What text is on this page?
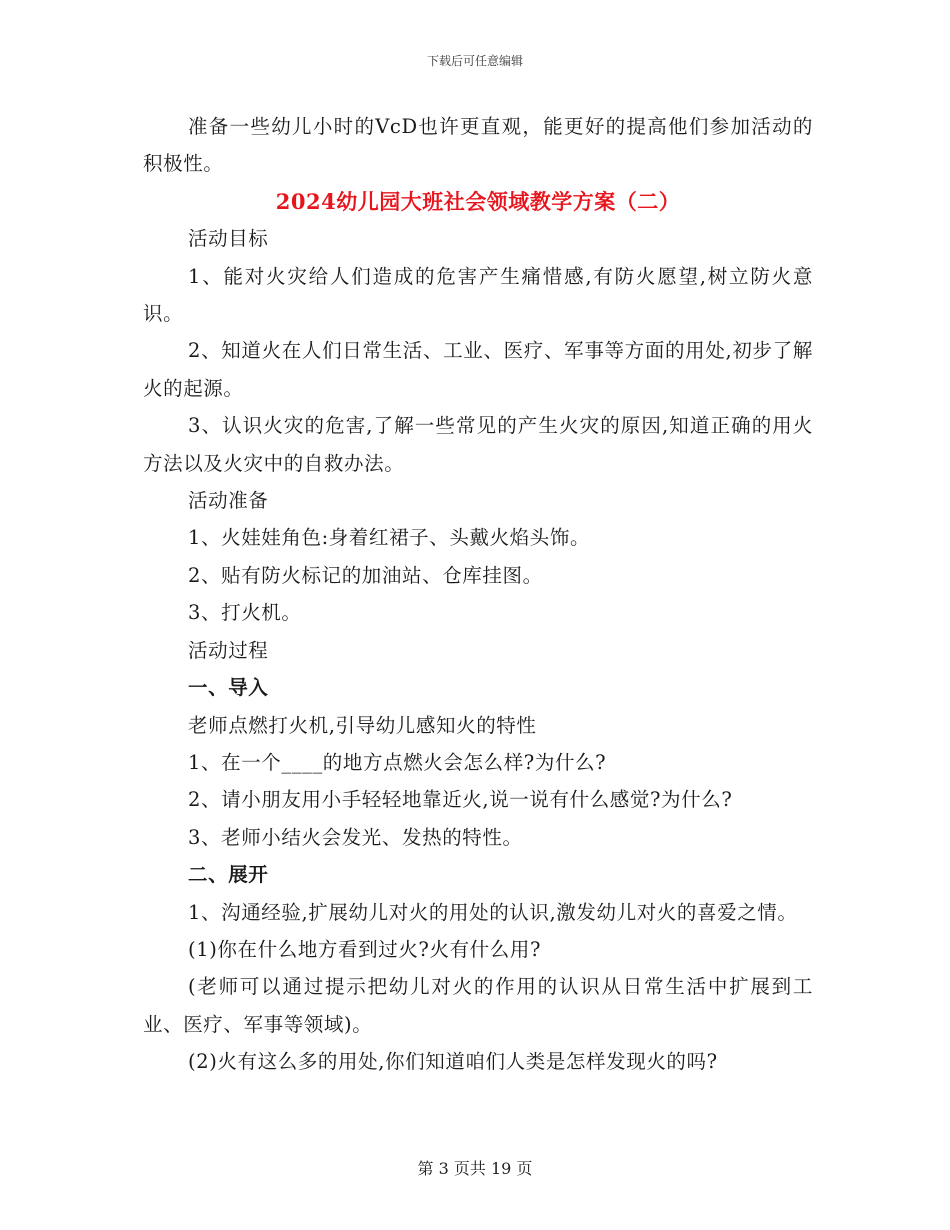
下载后可任意编辑

准备一些幼儿小时的VcD也许更直观，能更好的提高他们参加活动的积极性。

2024幼儿园大班社会领域教学方案（二）

活动目标

1、能对火灾给人们造成的危害产生痛惜感,有防火愿望,树立防火意识。

2、知道火在人们日常生活、工业、医疗、军事等方面的用处,初步了解火的起源。

3、认识火灾的危害,了解一些常见的产生火灾的原因,知道正确的用火方法以及火灾中的自救办法。

活动准备

1、火娃娃角色:身着红裙子、头戴火焰头饰。

2、贴有防火标记的加油站、仓库挂图。

3、打火机。

活动过程

一、导入

老师点燃打火机,引导幼儿感知火的特性

1、在一个____的地方点燃火会怎么样?为什么?

2、请小朋友用小手轻轻地靠近火,说一说有什么感觉?为什么?

3、老师小结火会发光、发热的特性。

二、展开

1、沟通经验,扩展幼儿对火的用处的认识,激发幼儿对火的喜爱之情。

(1)你在什么地方看到过火?火有什么用?

(老师可以通过提示把幼儿对火的作用的认识从日常生活中扩展到工业、医疗、军事等领域)。

(2)火有这么多的用处,你们知道咱们人类是怎样发现火的吗?

第 3 页共 19 页
